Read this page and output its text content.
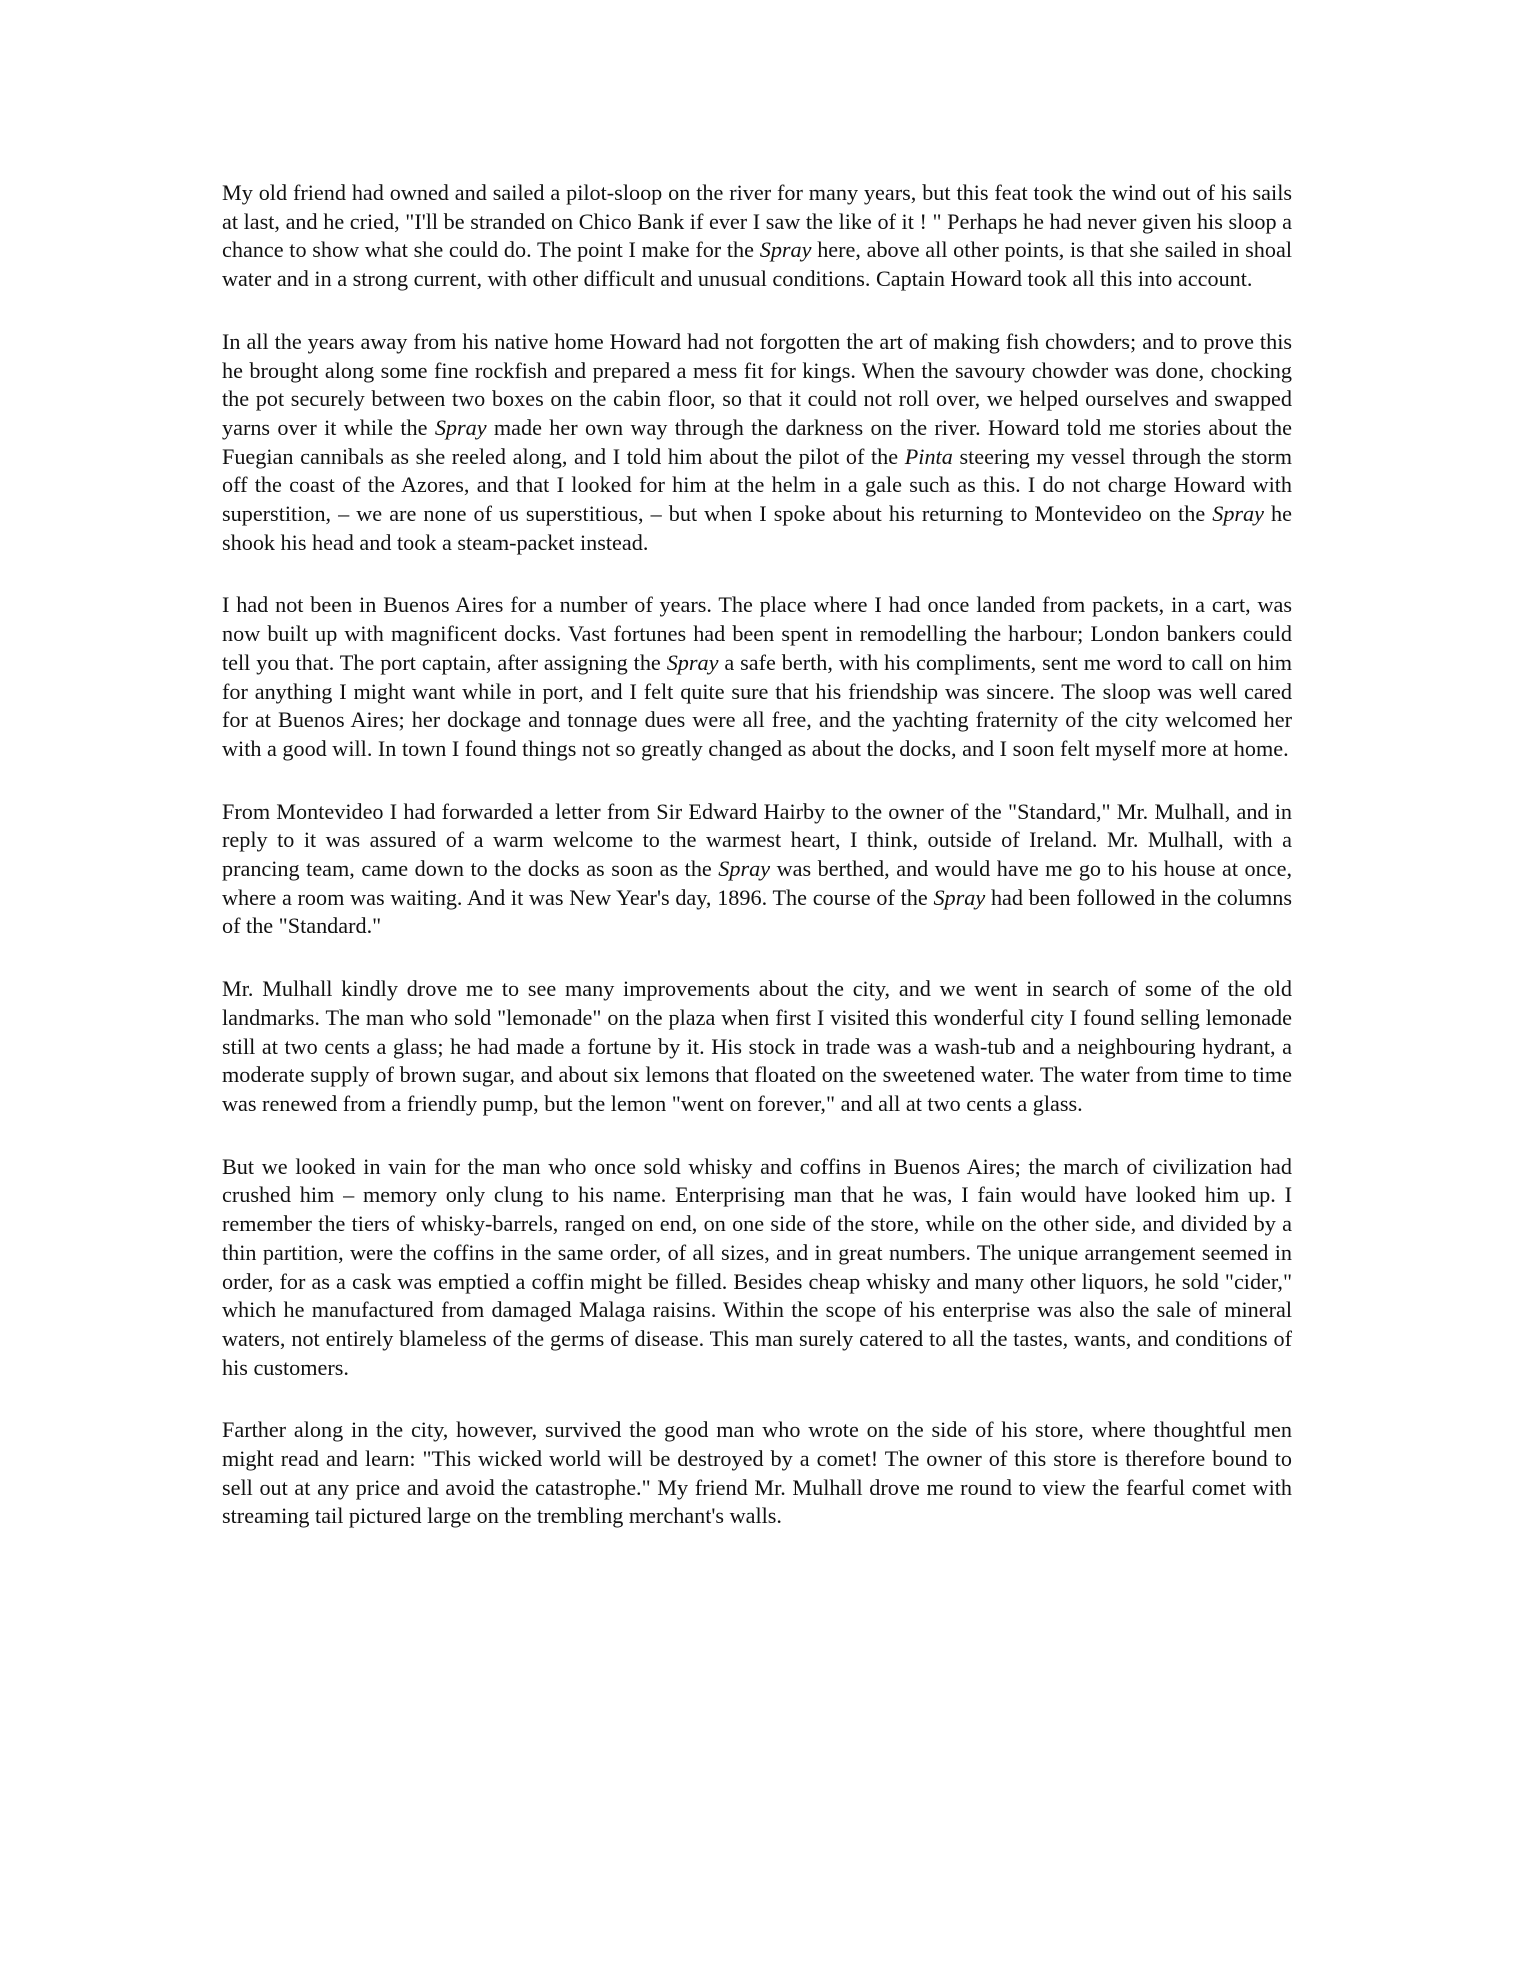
My old friend had owned and sailed a pilot-sloop on the river for many years, but this feat took the wind out of his sails at last, and he cried, "I'll be stranded on Chico Bank if ever I saw the like of it ! " Perhaps he had never given his sloop a chance to show what she could do. The point I make for the Spray here, above all other points, is that she sailed in shoal water and in a strong current, with other difficult and unusual conditions. Captain Howard took all this into account.

In all the years away from his native home Howard had not forgotten the art of making fish chowders; and to prove this he brought along some fine rockfish and prepared a mess fit for kings. When the savoury chowder was done, chocking the pot securely between two boxes on the cabin floor, so that it could not roll over, we helped ourselves and swapped yarns over it while the Spray made her own way through the darkness on the river. Howard told me stories about the Fuegian cannibals as she reeled along, and I told him about the pilot of the Pinta steering my vessel through the storm off the coast of the Azores, and that I looked for him at the helm in a gale such as this. I do not charge Howard with superstition, – we are none of us superstitious, – but when I spoke about his returning to Montevideo on the Spray he shook his head and took a steam-packet instead.

I had not been in Buenos Aires for a number of years. The place where I had once landed from packets, in a cart, was now built up with magnificent docks. Vast fortunes had been spent in remodelling the harbour; London bankers could tell you that. The port captain, after assigning the Spray a safe berth, with his compliments, sent me word to call on him for anything I might want while in port, and I felt quite sure that his friendship was sincere. The sloop was well cared for at Buenos Aires; her dockage and tonnage dues were all free, and the yachting fraternity of the city welcomed her with a good will. In town I found things not so greatly changed as about the docks, and I soon felt myself more at home.

From Montevideo I had forwarded a letter from Sir Edward Hairby to the owner of the "Standard," Mr. Mulhall, and in reply to it was assured of a warm welcome to the warmest heart, I think, outside of Ireland. Mr. Mulhall, with a prancing team, came down to the docks as soon as the Spray was berthed, and would have me go to his house at once, where a room was waiting. And it was New Year's day, 1896. The course of the Spray had been followed in the columns of the "Standard."

Mr. Mulhall kindly drove me to see many improvements about the city, and we went in search of some of the old landmarks. The man who sold "lemonade" on the plaza when first I visited this wonderful city I found selling lemonade still at two cents a glass; he had made a fortune by it. His stock in trade was a wash-tub and a neighbouring hydrant, a moderate supply of brown sugar, and about six lemons that floated on the sweetened water. The water from time to time was renewed from a friendly pump, but the lemon "went on forever," and all at two cents a glass.

But we looked in vain for the man who once sold whisky and coffins in Buenos Aires; the march of civilization had crushed him – memory only clung to his name. Enterprising man that he was, I fain would have looked him up. I remember the tiers of whisky-barrels, ranged on end, on one side of the store, while on the other side, and divided by a thin partition, were the coffins in the same order, of all sizes, and in great numbers. The unique arrangement seemed in order, for as a cask was emptied a coffin might be filled. Besides cheap whisky and many other liquors, he sold "cider," which he manufactured from damaged Malaga raisins. Within the scope of his enterprise was also the sale of mineral waters, not entirely blameless of the germs of disease. This man surely catered to all the tastes, wants, and conditions of his customers.

Farther along in the city, however, survived the good man who wrote on the side of his store, where thoughtful men might read and learn: "This wicked world will be destroyed by a comet! The owner of this store is therefore bound to sell out at any price and avoid the catastrophe." My friend Mr. Mulhall drove me round to view the fearful comet with streaming tail pictured large on the trembling merchant's walls.
